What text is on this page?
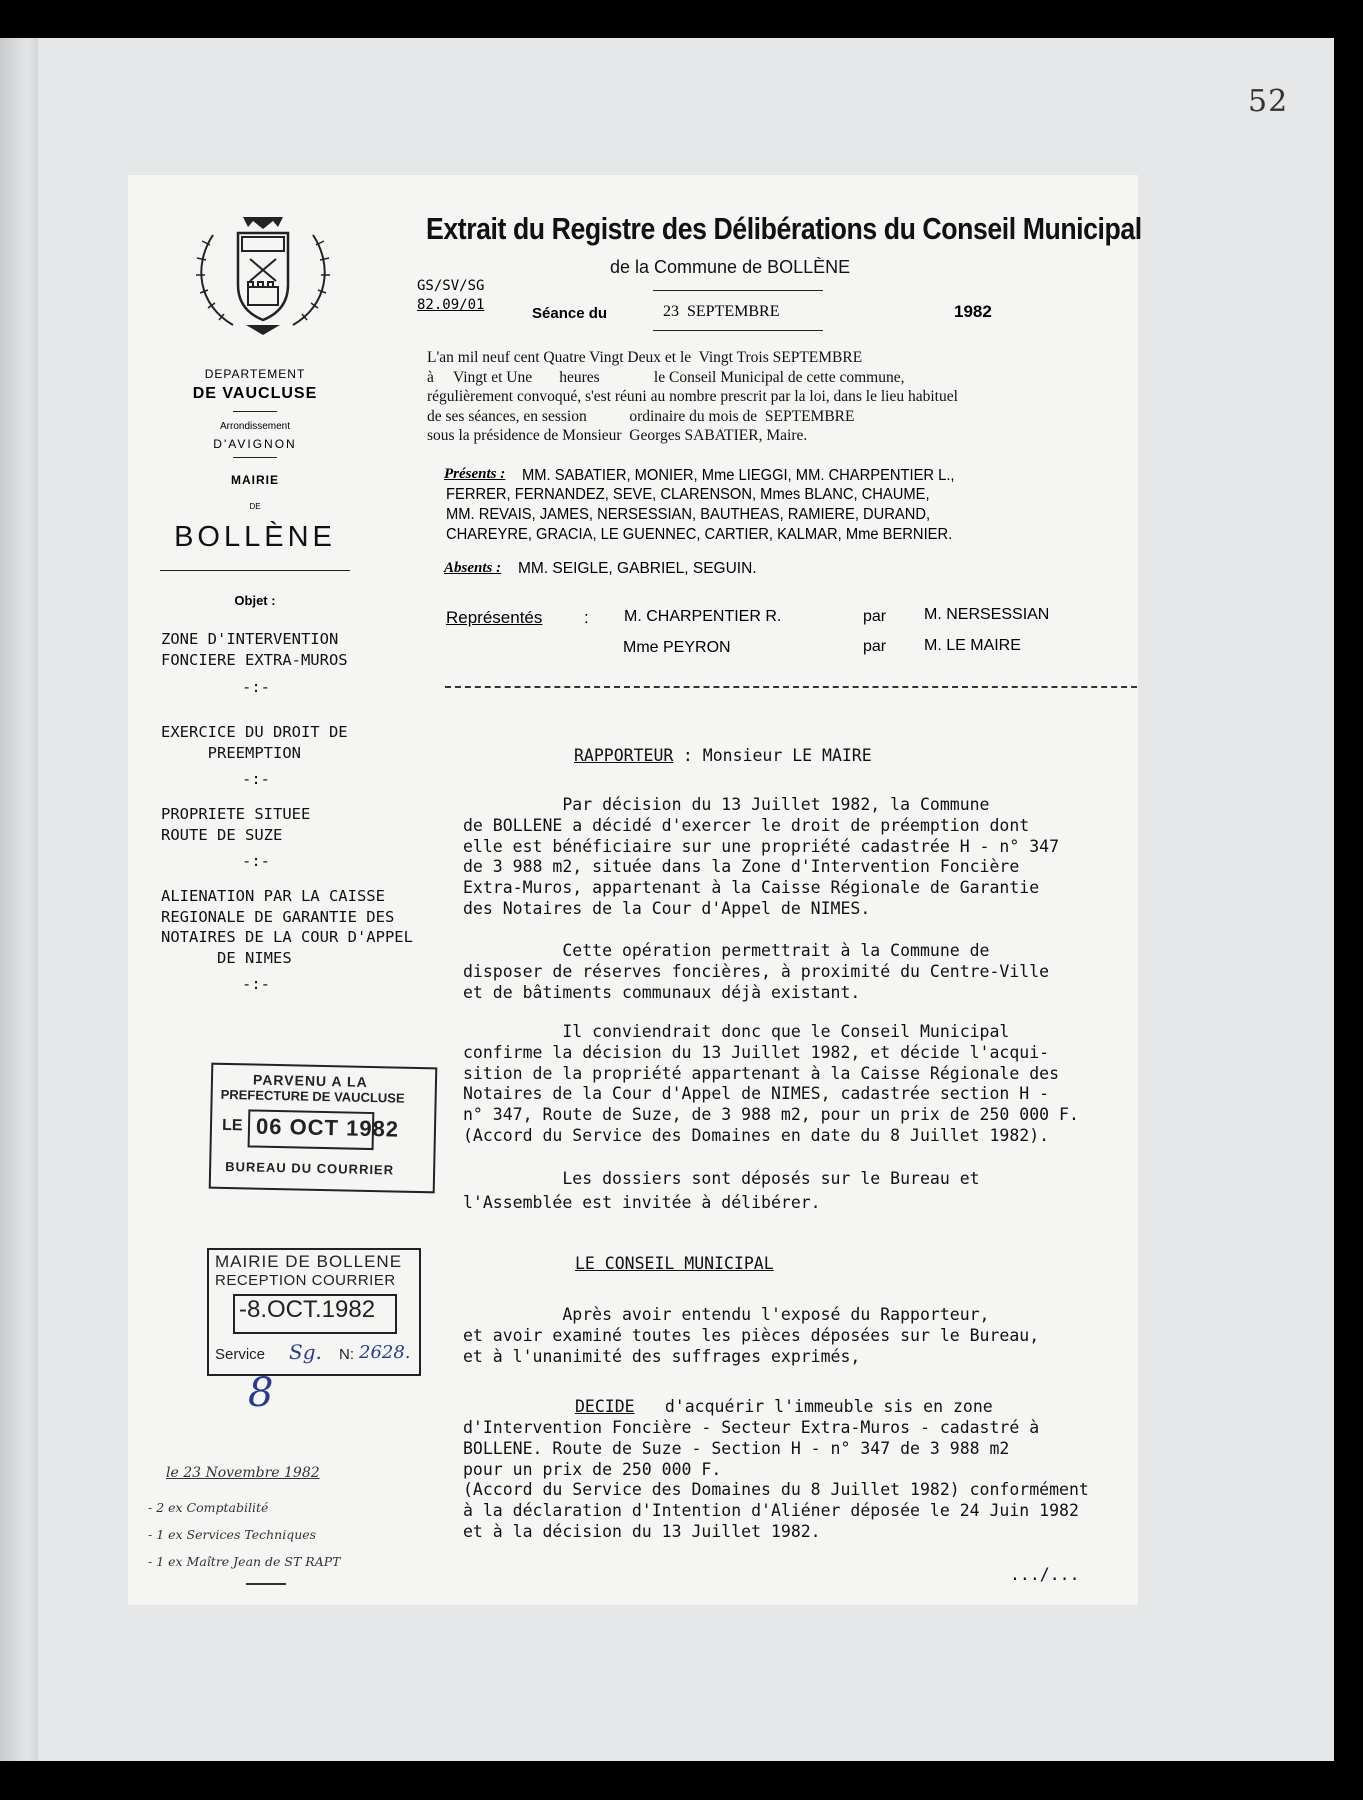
52
DEPARTEMENT
DE VAUCLUSE
Arrondissement
D'AVIGNON
MAIRIE
DE
BOLLÈNE
Objet :
ZONE D'INTERVENTION
FONCIERE EXTRA-MUROS
-:-
EXERCICE DU DROIT DE
PREEMPTION
-:-
PROPRIETE SITUEE
ROUTE DE SUZE
-:-
ALIENATION PAR LA CAISSE
REGIONALE DE GARANTIE DES
NOTAIRES DE LA COUR D'APPEL
DE NIMES
-:-
Extrait du Registre des Délibérations du Conseil Municipal
de la Commune de BOLLÈNE
GS/SV/SG
82.09/01	Séance du	23  SEPTEMBRE	1982
L'an mil neuf cent Quatre Vingt Deux et le  Vingt Trois SEPTEMBRE
à     Vingt et Une       heures              le Conseil Municipal de cette commune,
régulièrement convoqué, s'est réuni au nombre prescrit par la loi, dans le lieu habituel
de ses séances, en session           ordinaire du mois de  SEPTEMBRE
sous la présidence de Monsieur  Georges SABATIER, Maire.
Présents : MM. SABATIER, MONIER, Mme LIEGGI, MM. CHARPENTIER L.,
FERRER, FERNANDEZ, SEVE, CLARENSON, Mmes BLANC, CHAUME,
MM. REVAIS, JAMES, NERSESSIAN, BAUTHEAS, RAMIERE, DURAND,
CHAREYRE, GRACIA, LE GUENNEC, CARTIER, KALMAR, Mme BERNIER.
Absents : MM. SEIGLE, GABRIEL, SEGUIN.
Représentés : M. CHARPENTIER R.	par M. NERSESSIAN
Mme PEYRON	par M. LE MAIRE
RAPPORTEUR : Monsieur LE MAIRE
Par décision du 13 Juillet 1982, la Commune
de BOLLENE a décidé d'exercer le droit de préemption dont
elle est bénéficiaire sur une propriété cadastrée H - n° 347
de 3 988 m2, située dans la Zone d'Intervention Foncière
Extra-Muros, appartenant à la Caisse Régionale de Garantie
des Notaires de la Cour d'Appel de NIMES.
Cette opération permettrait à la Commune de
disposer de réserves foncières, à proximité du Centre-Ville
et de bâtiments communaux déjà existant.
Il conviendrait donc que le Conseil Municipal
confirme la décision du 13 Juillet 1982, et décide l'acqui-
sition de la propriété appartenant à la Caisse Régionale des
Notaires de la Cour d'Appel de NIMES, cadastrée section H -
n° 347, Route de Suze, de 3 988 m2, pour un prix de 250 000 F.
(Accord du Service des Domaines en date du 8 Juillet 1982).
Les dossiers sont déposés sur le Bureau et
l'Assemblée est invitée à délibérer.
LE CONSEIL MUNICIPAL
Après avoir entendu l'exposé du Rapporteur,
et avoir examiné toutes les pièces déposées sur le Bureau,
et à l'unanimité des suffrages exprimés,
DECIDE d'acquérir l'immeuble sis en zone
d'Intervention Foncière - Secteur Extra-Muros - cadastré à
BOLLENE. Route de Suze - Section H - n° 347 de 3 988 m2
pour un prix de 250 000 F.
(Accord du Service des Domaines du 8 Juillet 1982) conformément
à la déclaration d'Intention d'Aliéner déposée le 24 Juin 1982
et à la décision du 13 Juillet 1982.
.../...
PARVENU A LA
PREFECTURE DE VAUCLUSE
LE 06 OCT 1982
BUREAU DU COURRIER
MAIRIE DE BOLLENE
RECEPTION COURRIER
-8.OCT.1982
Service Sg. N: 2628.
8
le 23 Novembre 1982
- 2 ex Comptabilité
- 1 ex Services Techniques
- 1 ex Maître Jean de ST RAPT
